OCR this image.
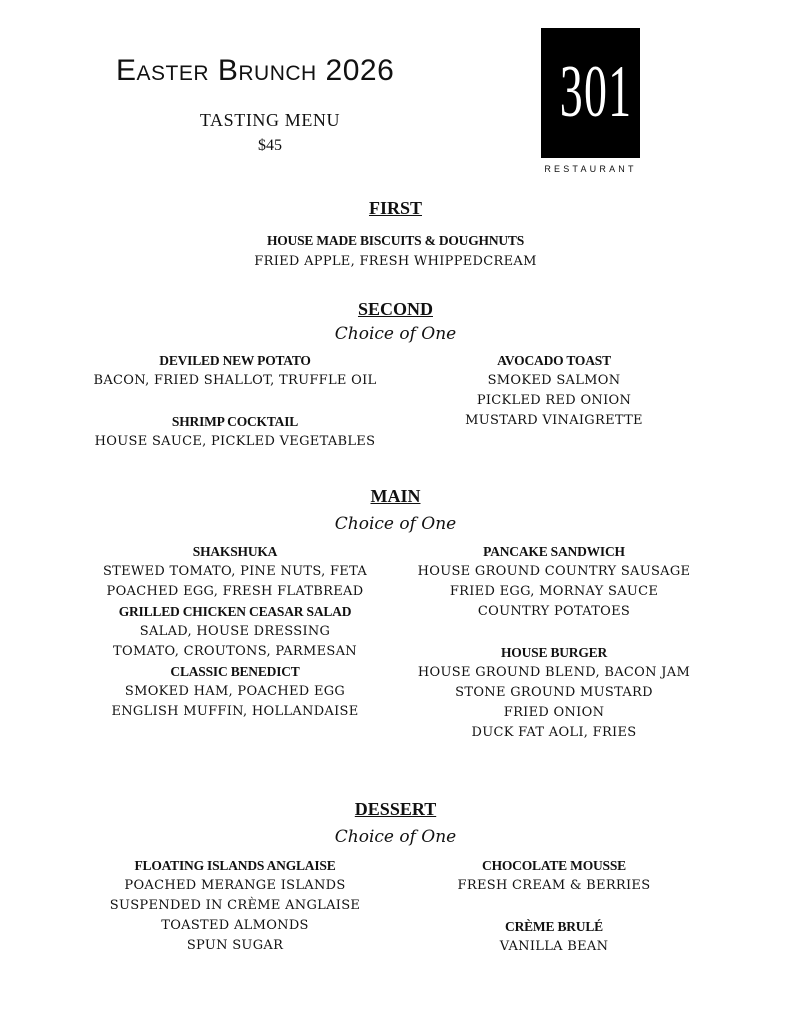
Easter Brunch 2026
TASTING MENU
$45
301
RESTAURANT
FIRST
HOUSE MADE BISCUITS & DOUGHNUTS
FRIED APPLE, FRESH WHIPPEDCREAM
SECOND
Choice of One
DEVILED NEW POTATO
BACON, FRIED SHALLOT, TRUFFLE OIL
SHRIMP COCKTAIL
HOUSE SAUCE, PICKLED VEGETABLES
AVOCADO TOAST
SMOKED SALMON
PICKLED RED ONION
MUSTARD VINAIGRETTE
MAIN
Choice of One
SHAKSHUKA
STEWED TOMATO, PINE NUTS, FETA
POACHED EGG, FRESH FLATBREAD
GRILLED CHICKEN CEASAR SALAD
SALAD, HOUSE DRESSING
TOMATO, CROUTONS, PARMESAN
CLASSIC BENEDICT
SMOKED HAM, POACHED EGG
ENGLISH MUFFIN, HOLLANDAISE
PANCAKE SANDWICH
HOUSE GROUND COUNTRY SAUSAGE
FRIED EGG, MORNAY SAUCE
COUNTRY POTATOES
HOUSE BURGER
HOUSE GROUND BLEND, BACON JAM
STONE GROUND MUSTARD
FRIED ONION
DUCK FAT AOLI, FRIES
DESSERT
Choice of One
FLOATING ISLANDS ANGLAISE
POACHED MERANGE ISLANDS
SUSPENDED IN CRÈME ANGLAISE
TOASTED ALMONDS
SPUN SUGAR
CHOCOLATE MOUSSE
FRESH CREAM & BERRIES
CRÈME BRULÉ
VANILLA BEAN
